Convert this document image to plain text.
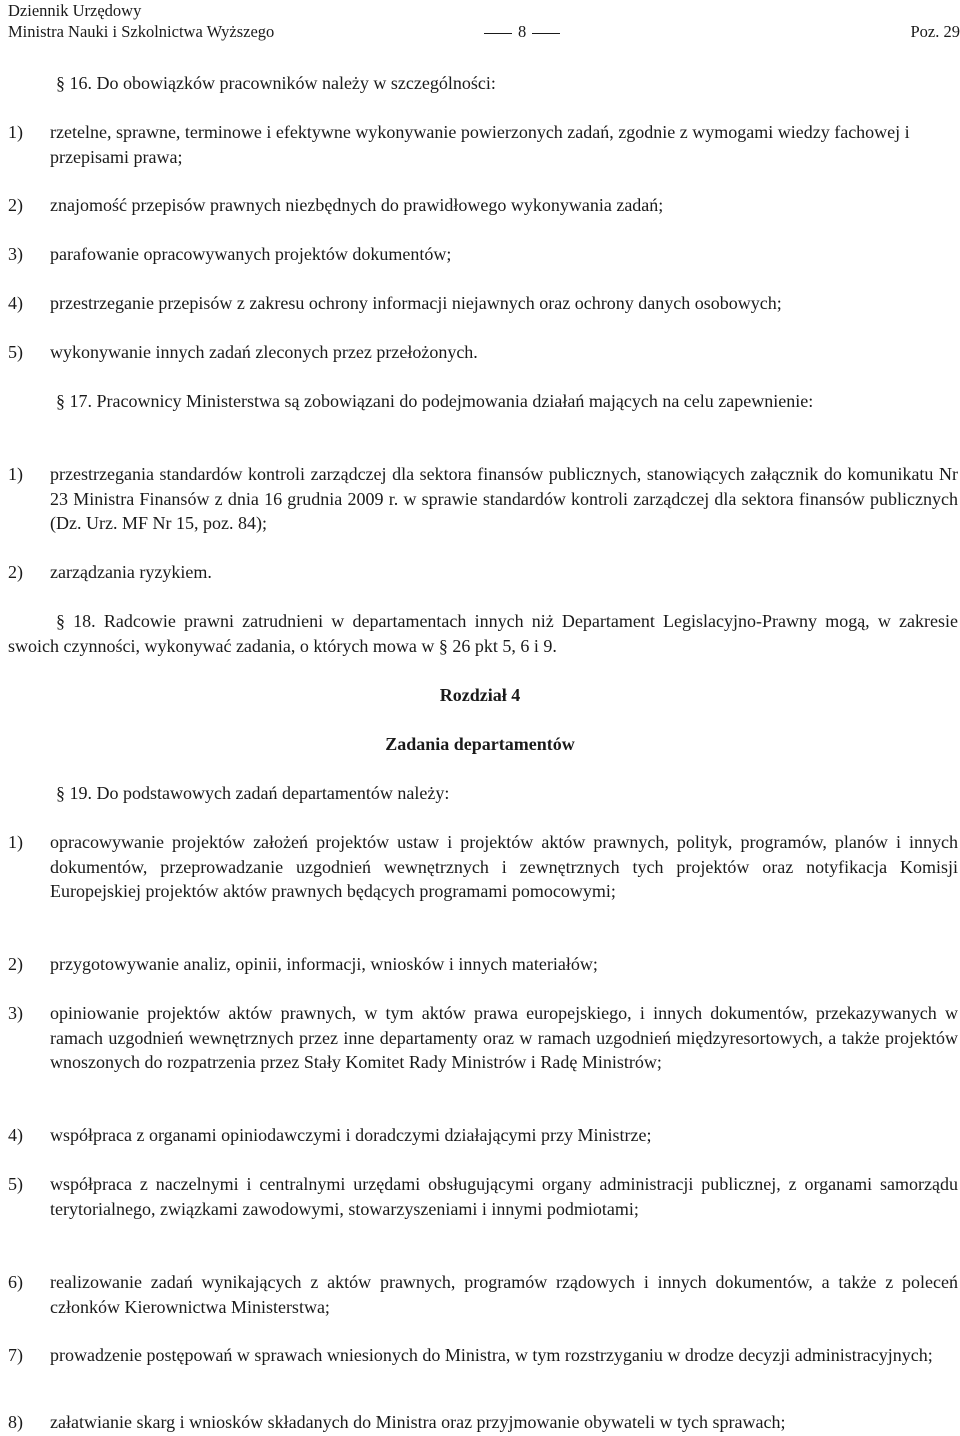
Dziennik Urzędowy
Ministra Nauki i Szkolnictwa Wyższego	8	Poz. 29
§ 16. Do obowiązków pracowników należy w szczególności:
1)	rzetelne, sprawne, terminowe i efektywne wykonywanie powierzonych zadań, zgodnie z wymogami wiedzy fachowej i przepisami prawa;
2)	znajomość przepisów prawnych niezbędnych do prawidłowego wykonywania zadań;
3)	parafowanie opracowywanych projektów dokumentów;
4)	przestrzeganie przepisów z zakresu ochrony informacji niejawnych oraz ochrony danych osobowych;
5)	wykonywanie innych zadań zleconych przez przełożonych.
§ 17. Pracownicy Ministerstwa są zobowiązani do podejmowania działań mających na celu zapewnienie:
1)	przestrzegania standardów kontroli zarządczej dla sektora finansów publicznych, stanowiących załącznik do komunikatu Nr 23 Ministra Finansów z dnia 16 grudnia 2009 r. w sprawie standardów kontroli zarządczej dla sektora finansów publicznych (Dz. Urz. MF Nr 15, poz. 84);
2)	zarządzania ryzykiem.
§ 18. Radcowie prawni zatrudnieni w departamentach innych niż Departament Legislacyjno-Prawny mogą, w zakresie swoich czynności, wykonywać zadania, o których mowa w § 26 pkt 5, 6 i 9.
Rozdział 4
Zadania departamentów
§ 19. Do podstawowych zadań departamentów należy:
1)	opracowywanie projektów założeń projektów ustaw i projektów aktów prawnych, polityk, programów, planów i innych dokumentów, przeprowadzanie uzgodnień wewnętrznych i zewnętrznych tych projektów oraz notyfikacja Komisji Europejskiej projektów aktów prawnych będących programami pomocowymi;
2)	przygotowywanie analiz, opinii, informacji, wniosków i innych materiałów;
3)	opiniowanie projektów aktów prawnych, w tym aktów prawa europejskiego, i innych dokumentów, przekazywanych w ramach uzgodnień wewnętrznych przez inne departamenty oraz w ramach uzgodnień międzyresortowych, a także projektów wnoszonych do rozpatrzenia przez Stały Komitet Rady Ministrów i Radę Ministrów;
4)	współpraca z organami opiniodawczymi i doradczymi działającymi przy Ministrze;
5)	współpraca z naczelnymi i centralnymi urzędami obsługującymi organy administracji publicznej, z organami samorządu terytorialnego, związkami zawodowymi, stowarzyszeniami i innymi podmiotami;
6)	realizowanie zadań wynikających z aktów prawnych, programów rządowych i innych dokumentów, a także z poleceń członków Kierownictwa Ministerstwa;
7)	prowadzenie postępowań w sprawach wniesionych do Ministra, w tym rozstrzyganiu w drodze decyzji administracyjnych;
8)	załatwianie skarg i wniosków składanych do Ministra oraz przyjmowanie obywateli w tych sprawach;
